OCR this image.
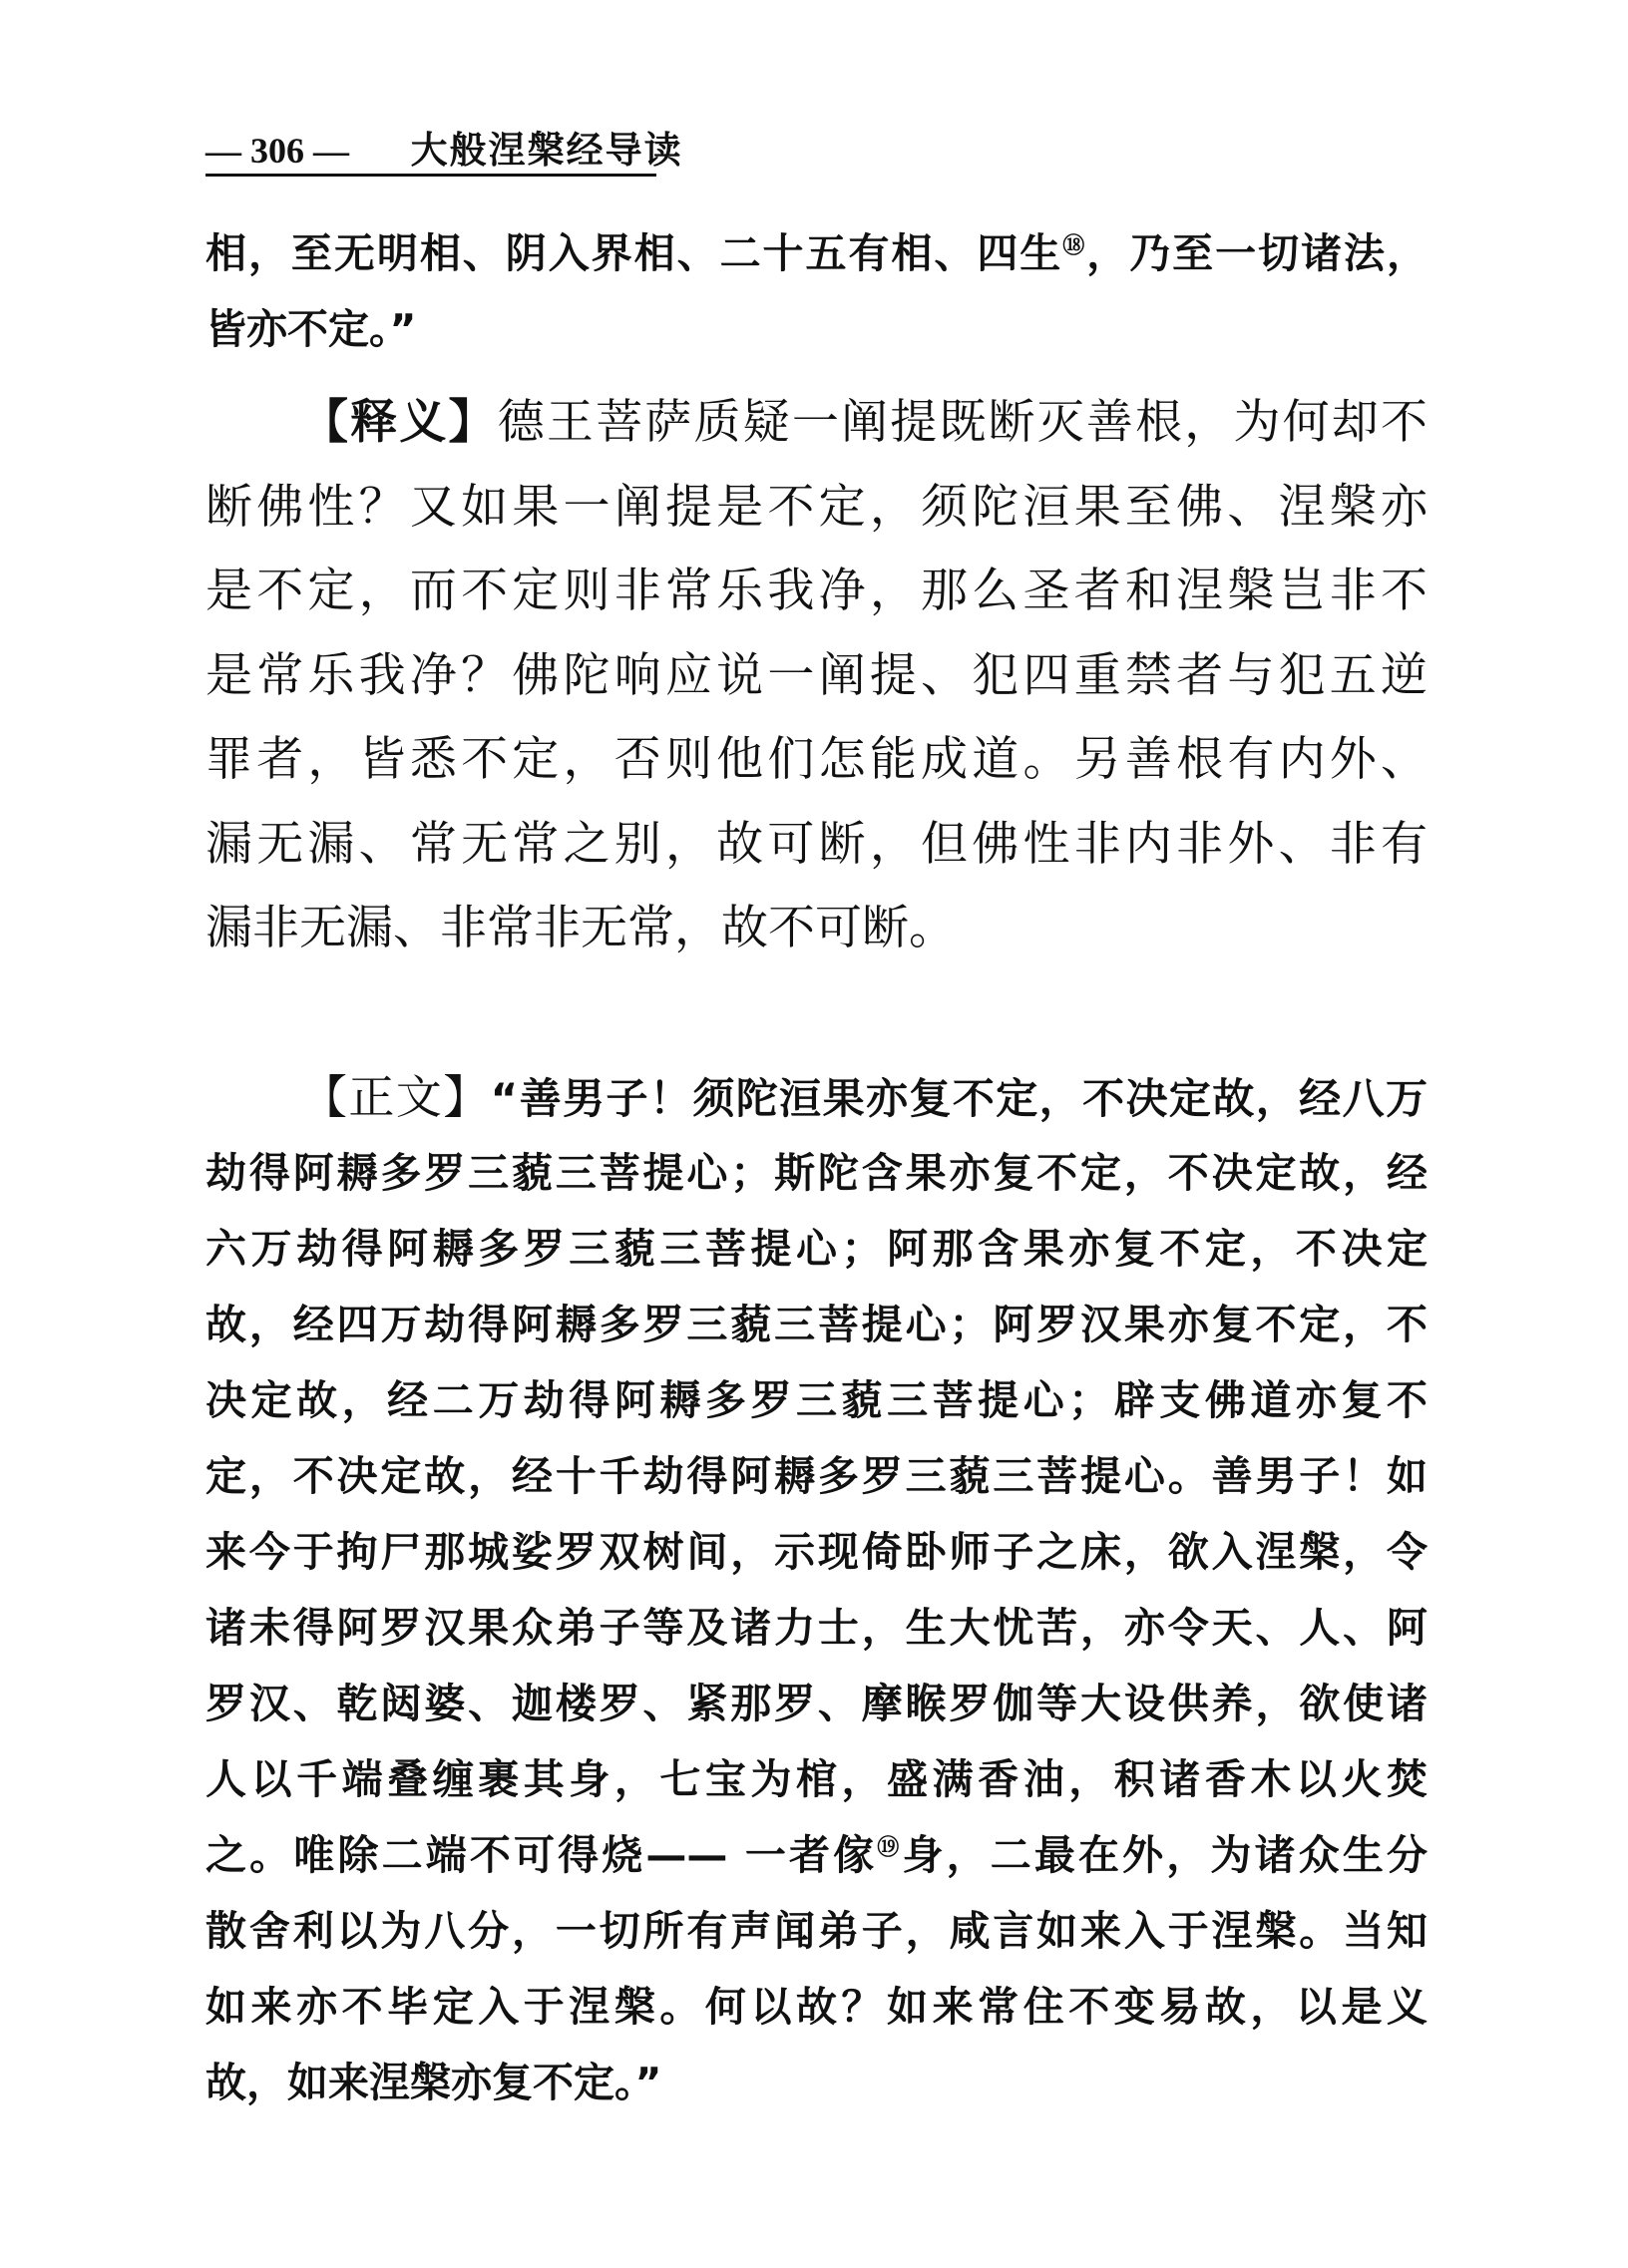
— 306 — 大般涅槃经导读
相，至无明相、阴入界相、二十五有相、四生⑱，乃至一切诸法，
皆亦不定。”
【释义】德王菩萨质疑一阐提既断灭善根，为何却不
断佛性？又如果一阐提是不定，须陀洹果至佛、涅槃亦
是不定，而不定则非常乐我净，那么圣者和涅槃岂非不
是常乐我净？佛陀响应说一阐提、犯四重禁者与犯五逆
罪者，皆悉不定，否则他们怎能成道。另善根有内外、
漏无漏、常无常之别，故可断，但佛性非内非外、非有
漏非无漏、非常非无常，故不可断。
【正文】“善男子！须陀洹果亦复不定，不决定故，经八万
劫得阿耨多罗三藐三菩提心；斯陀含果亦复不定，不决定故，经
六万劫得阿耨多罗三藐三菩提心；阿那含果亦复不定，不决定
故，经四万劫得阿耨多罗三藐三菩提心；阿罗汉果亦复不定，不
决定故，经二万劫得阿耨多罗三藐三菩提心；辟支佛道亦复不
定，不决定故，经十千劫得阿耨多罗三藐三菩提心。善男子！如
来今于拘尸那城娑罗双树间，示现倚卧师子之床，欲入涅槃，令
诸未得阿罗汉果众弟子等及诸力士，生大忧苦，亦令天、人、阿
罗汉、乾闼婆、迦楼罗、紧那罗、摩睺罗伽等大设供养，欲使诸
人以千端叠缠裹其身，七宝为棺，盛满香油，积诸香木以火焚
之。唯除二端不可得烧—— 一者傢⑲身，二最在外，为诸众生分
散舍利以为八分，一切所有声闻弟子，咸言如来入于涅槃。当知
如来亦不毕定入于涅槃。何以故？如来常住不变易故，以是义
故，如来涅槃亦复不定。”
